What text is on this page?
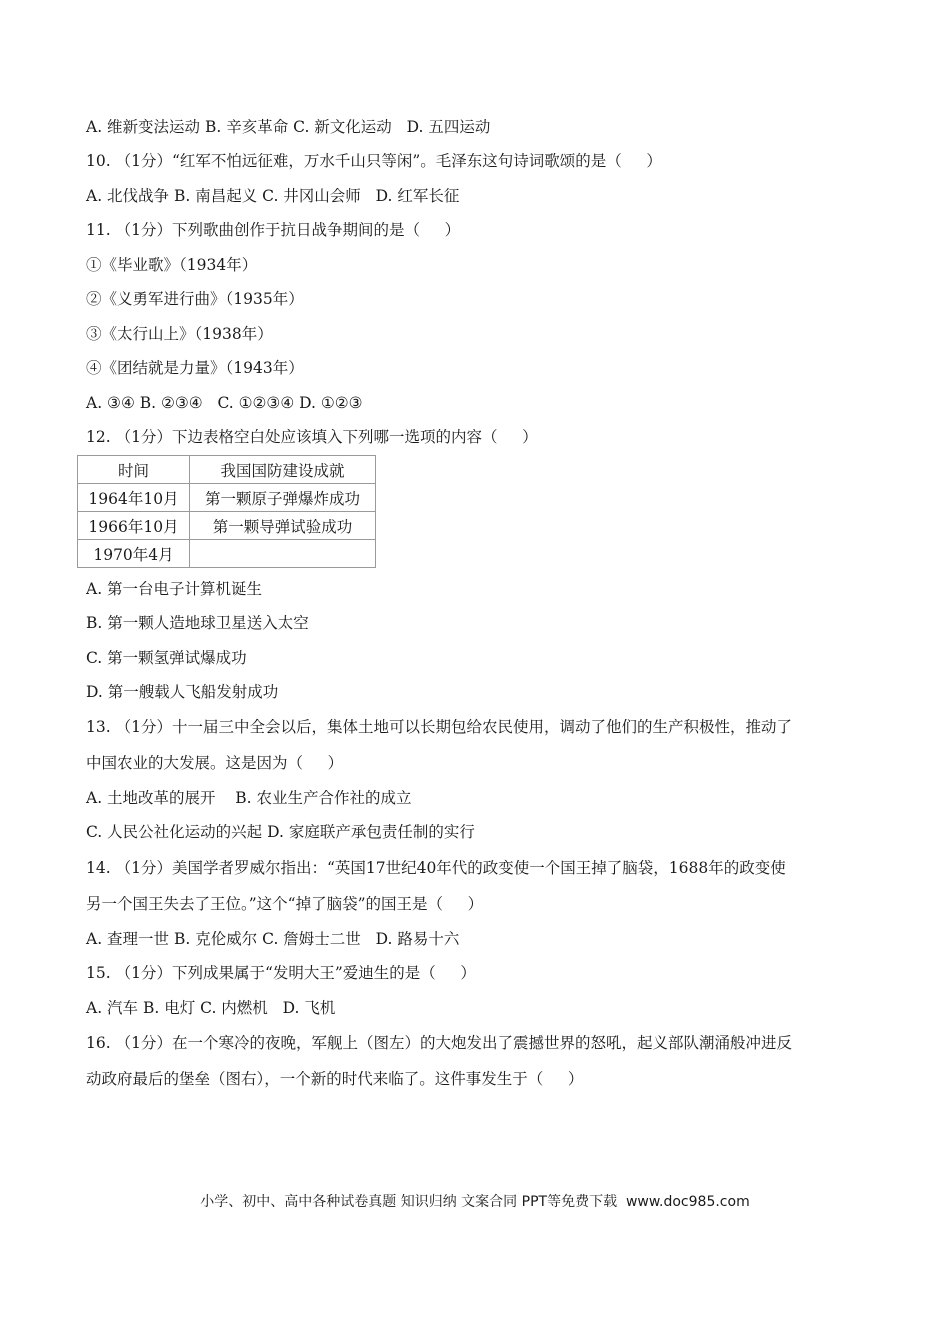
A. 维新变法运动 B. 辛亥革命 C. 新文化运动   D. 五四运动
10. （1分）“红军不怕远征难，万水千山只等闲”。毛泽东这句诗词歌颂的是（     ）
A. 北伐战争 B. 南昌起义 C. 井冈山会师   D. 红军长征
11. （1分）下列歌曲创作于抗日战争期间的是（     ）
①《毕业歌》（1934年）
②《义勇军进行曲》（1935年）
③《太行山上》（1938年）
④《团结就是力量》（1943年）
A. ③④ B. ②③④   C. ①②③④ D. ①②③
12. （1分）下边表格空白处应该填入下列哪一选项的内容（     ）
时间	我国国防建设成就
1964年10月	第一颗原子弹爆炸成功
1966年10月	第一颗导弹试验成功
1970年4月	
A. 第一台电子计算机诞生
B. 第一颗人造地球卫星送入太空
C. 第一颗氢弹试爆成功
D. 第一艘载人飞船发射成功
13. （1分）十一届三中全会以后，集体土地可以长期包给农民使用，调动了他们的生产积极性，推动了
中国农业的大发展。这是因为（     ）
A. 土地改革的展开    B. 农业生产合作社的成立
C. 人民公社化运动的兴起 D. 家庭联产承包责任制的实行
14. （1分）美国学者罗威尔指出：“英国17世纪40年代的政变使一个国王掉了脑袋，1688年的政变使
另一个国王失去了王位。”这个“掉了脑袋”的国王是（     ）
A. 查理一世 B. 克伦威尔 C. 詹姆士二世   D. 路易十六
15. （1分）下列成果属于“发明大王”爱迪生的是（     ）
A. 汽车 B. 电灯 C. 内燃机   D. 飞机
16. （1分）在一个寒冷的夜晚，军舰上（图左）的大炮发出了震撼世界的怒吼，起义部队潮涌般冲进反
动政府最后的堡垒（图右），一个新的时代来临了。这件事发生于（     ）
小学、初中、高中各种试卷真题 知识归纳 文案合同 PPT等免费下载  www.doc985.com
